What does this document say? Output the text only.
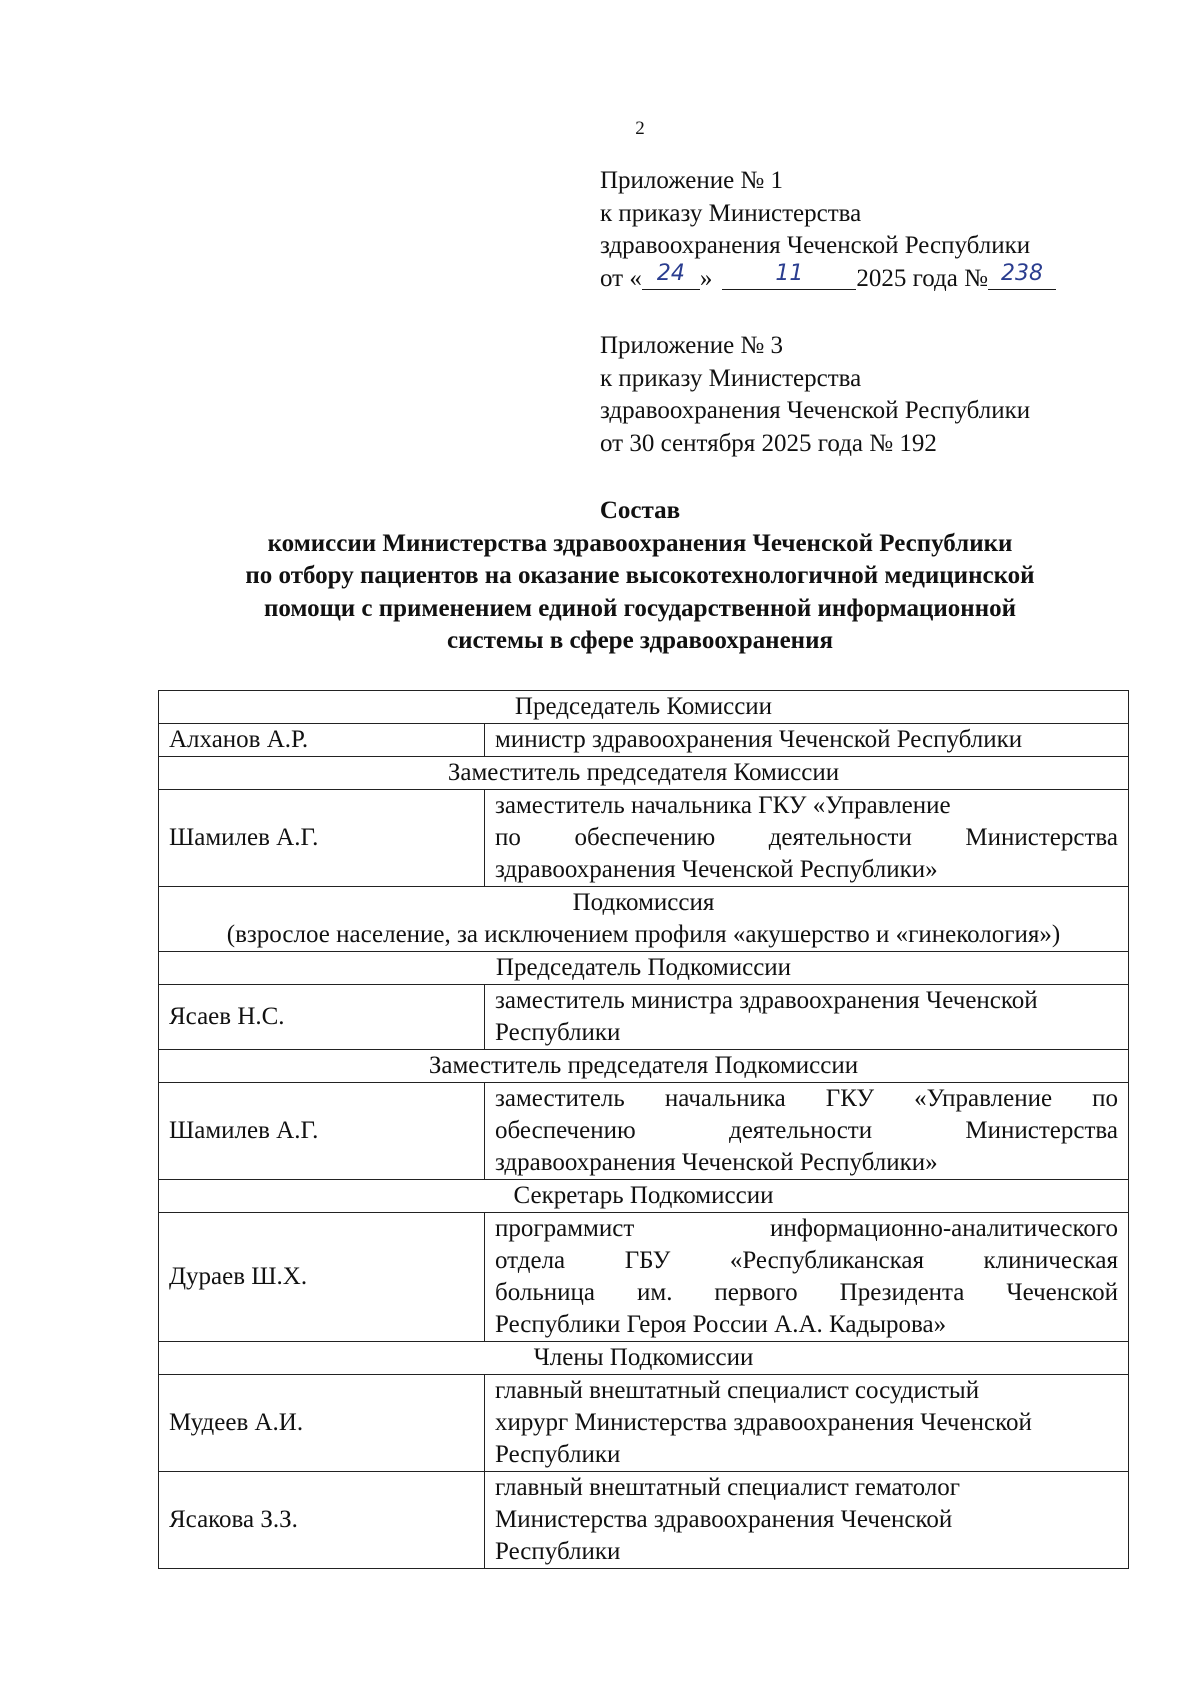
2
Приложение № 1
к приказу Министерства
здравоохранения Чеченской Республики
от « 24 »	11 2025 года № 238
Приложение № 3
к приказу Министерства
здравоохранения Чеченской Республики
от 30 сентября 2025 года № 192
Состав
комиссии Министерства здравоохранения Чеченской Республики
по отбору пациентов на оказание высокотехнологичной медицинской
помощи с применением единой государственной информационной
системы в сфере здравоохранения
Председатель Комиссии	
Алханов А.Р.	министр здравоохранения Чеченской Республики
Заместитель председателя Комиссии	
Шамилев А.Г.	заместитель начальника ГКУ «Управление
по обеспечению деятельности Министерства
здравоохранения Чеченской Республики»

Подкомиссия
(взрослое население, за исключением профиля «акушерство и «гинекология»)	

Председатель Подкомиссии	
Ясаев Н.С.	заместитель министра здравоохранения Чеченской
Республики

Заместитель председателя Подкомиссии	
Шамилев А.Г.	заместитель начальника ГКУ «Управление по
обеспечению деятельности Министерства
здравоохранения Чеченской Республики»

Секретарь Подкомиссии	
Дураев Ш.Х.	программист информационно-аналитического
отдела ГБУ «Республиканская клиническая
больница им. первого Президента Чеченской
Республики Героя России А.А. Кадырова»

Члены Подкомиссии	
Мудеев А.И.	главный внештатный специалист сосудистый
хирург Министерства здравоохранения Чеченской
Республики

Ясакова З.З.	главный внештатный специалист гематолог
Министерства здравоохранения Чеченской
Республики
